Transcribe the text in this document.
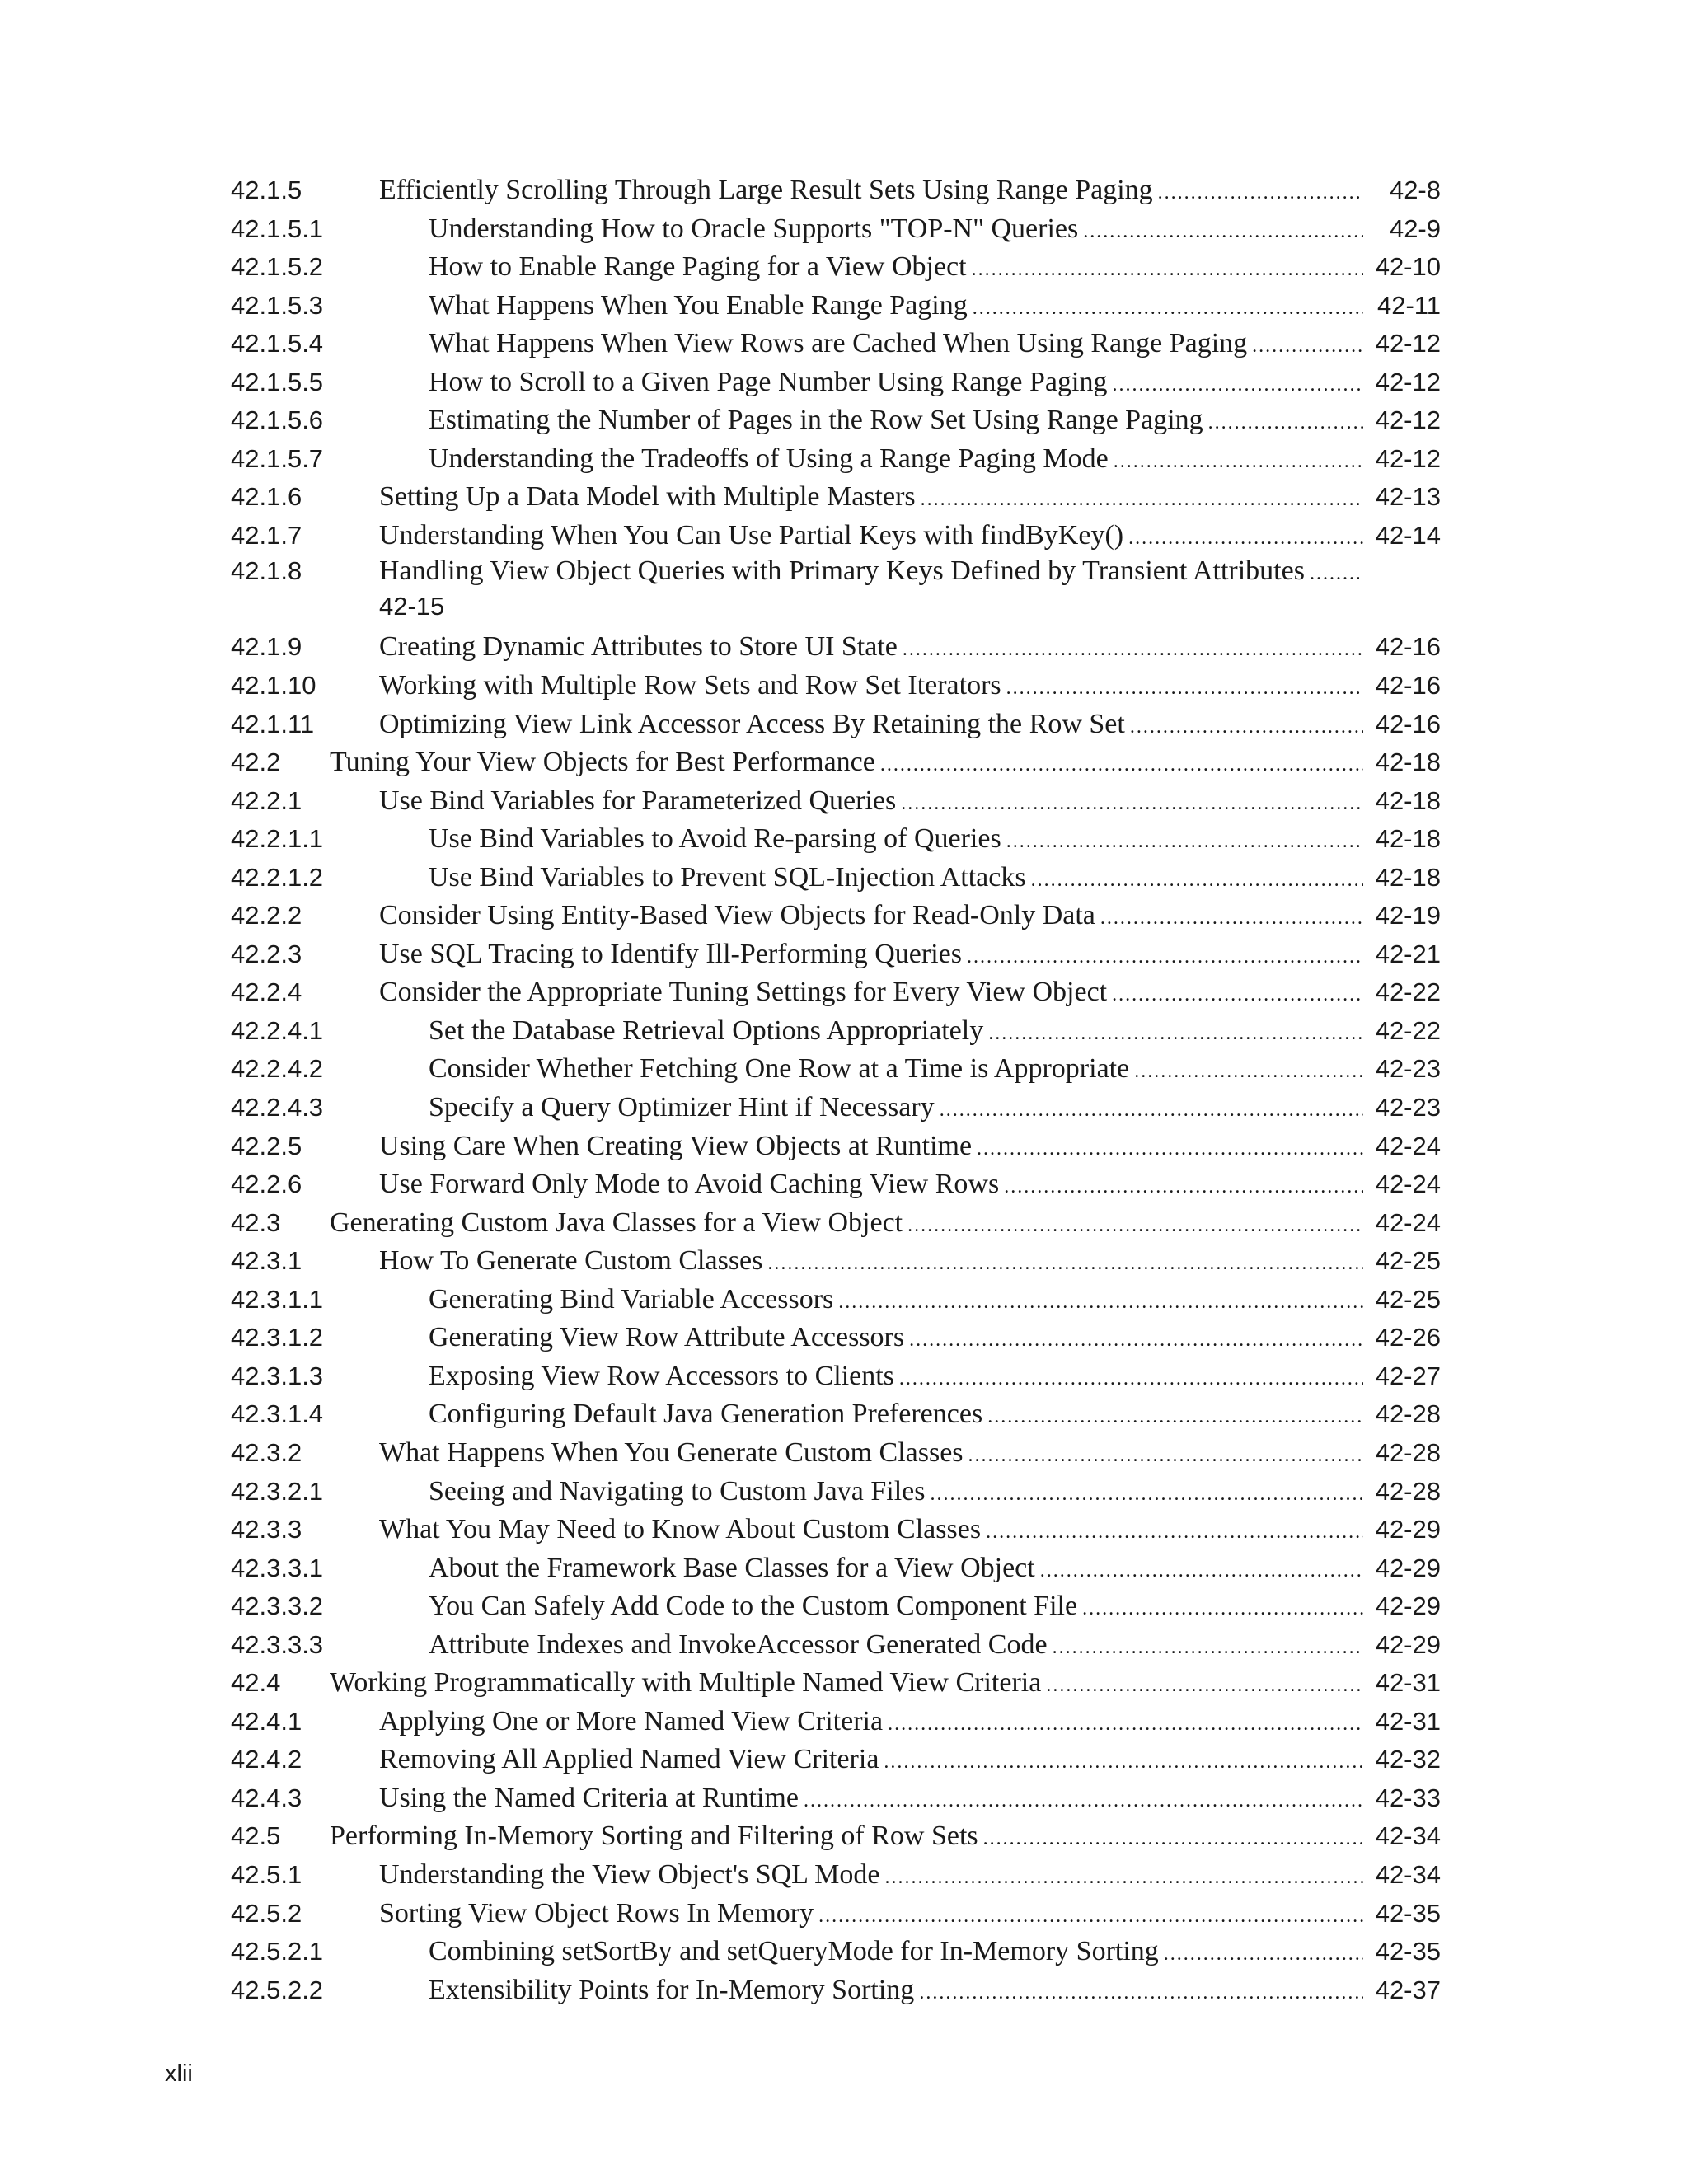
42.1.5	Efficiently Scrolling Through Large Result Sets Using Range Paging .....	42-8
42.1.5.1	Understanding How to Oracle Supports "TOP-N" Queries .....	42-9
42.1.5.2	How to Enable Range Paging for a View Object .....	42-10
42.1.5.3	What Happens When You Enable Range Paging .....	42-11
42.1.5.4	What Happens When View Rows are Cached When Using Range Paging .....	42-12
42.1.5.5	How to Scroll to a Given Page Number Using Range Paging .....	42-12
42.1.5.6	Estimating the Number of Pages in the Row Set Using Range Paging .....	42-12
42.1.5.7	Understanding the Tradeoffs of Using a Range Paging Mode .....	42-12
42.1.6	Setting Up a Data Model with Multiple Masters .....	42-13
42.1.7	Understanding When You Can Use Partial Keys with findByKey() .....	42-14
42.1.8	Handling View Object Queries with Primary Keys Defined by Transient Attributes
.....
42-15
42.1.9	Creating Dynamic Attributes to Store UI State .....	42-16
42.1.10	Working with Multiple Row Sets and Row Set Iterators .....	42-16
42.1.11	Optimizing View Link Accessor Access By Retaining the Row Set .....	42-16
42.2	Tuning Your View Objects for Best Performance .....	42-18
42.2.1	Use Bind Variables for Parameterized Queries .....	42-18
42.2.1.1	Use Bind Variables to Avoid Re-parsing of Queries .....	42-18
42.2.1.2	Use Bind Variables to Prevent SQL-Injection Attacks .....	42-18
42.2.2	Consider Using Entity-Based View Objects for Read-Only Data .....	42-19
42.2.3	Use SQL Tracing to Identify Ill-Performing Queries .....	42-21
42.2.4	Consider the Appropriate Tuning Settings for Every View Object .....	42-22
42.2.4.1	Set the Database Retrieval Options Appropriately .....	42-22
42.2.4.2	Consider Whether Fetching One Row at a Time is Appropriate .....	42-23
42.2.4.3	Specify a Query Optimizer Hint if Necessary .....	42-23
42.2.5	Using Care When Creating View Objects at Runtime .....	42-24
42.2.6	Use Forward Only Mode to Avoid Caching View Rows .....	42-24
42.3	Generating Custom Java Classes for a View Object .....	42-24
42.3.1	How To Generate Custom Classes .....	42-25
42.3.1.1	Generating Bind Variable Accessors .....	42-25
42.3.1.2	Generating View Row Attribute Accessors .....	42-26
42.3.1.3	Exposing View Row Accessors to Clients .....	42-27
42.3.1.4	Configuring Default Java Generation Preferences .....	42-28
42.3.2	What Happens When You Generate Custom Classes .....	42-28
42.3.2.1	Seeing and Navigating to Custom Java Files .....	42-28
42.3.3	What You May Need to Know About Custom Classes .....	42-29
42.3.3.1	About the Framework Base Classes for a View Object .....	42-29
42.3.3.2	You Can Safely Add Code to the Custom Component File .....	42-29
42.3.3.3	Attribute Indexes and InvokeAccessor Generated Code .....	42-29
42.4	Working Programmatically with Multiple Named View Criteria .....	42-31
42.4.1	Applying One or More Named View Criteria .....	42-31
42.4.2	Removing All Applied Named View Criteria .....	42-32
42.4.3	Using the Named Criteria at Runtime .....	42-33
42.5	Performing In-Memory Sorting and Filtering of Row Sets .....	42-34
42.5.1	Understanding the View Object's SQL Mode .....	42-34
42.5.2	Sorting View Object Rows In Memory .....	42-35
42.5.2.1	Combining setSortBy and setQueryMode for In-Memory Sorting .....	42-35
42.5.2.2	Extensibility Points for In-Memory Sorting .....	42-37
xlii
